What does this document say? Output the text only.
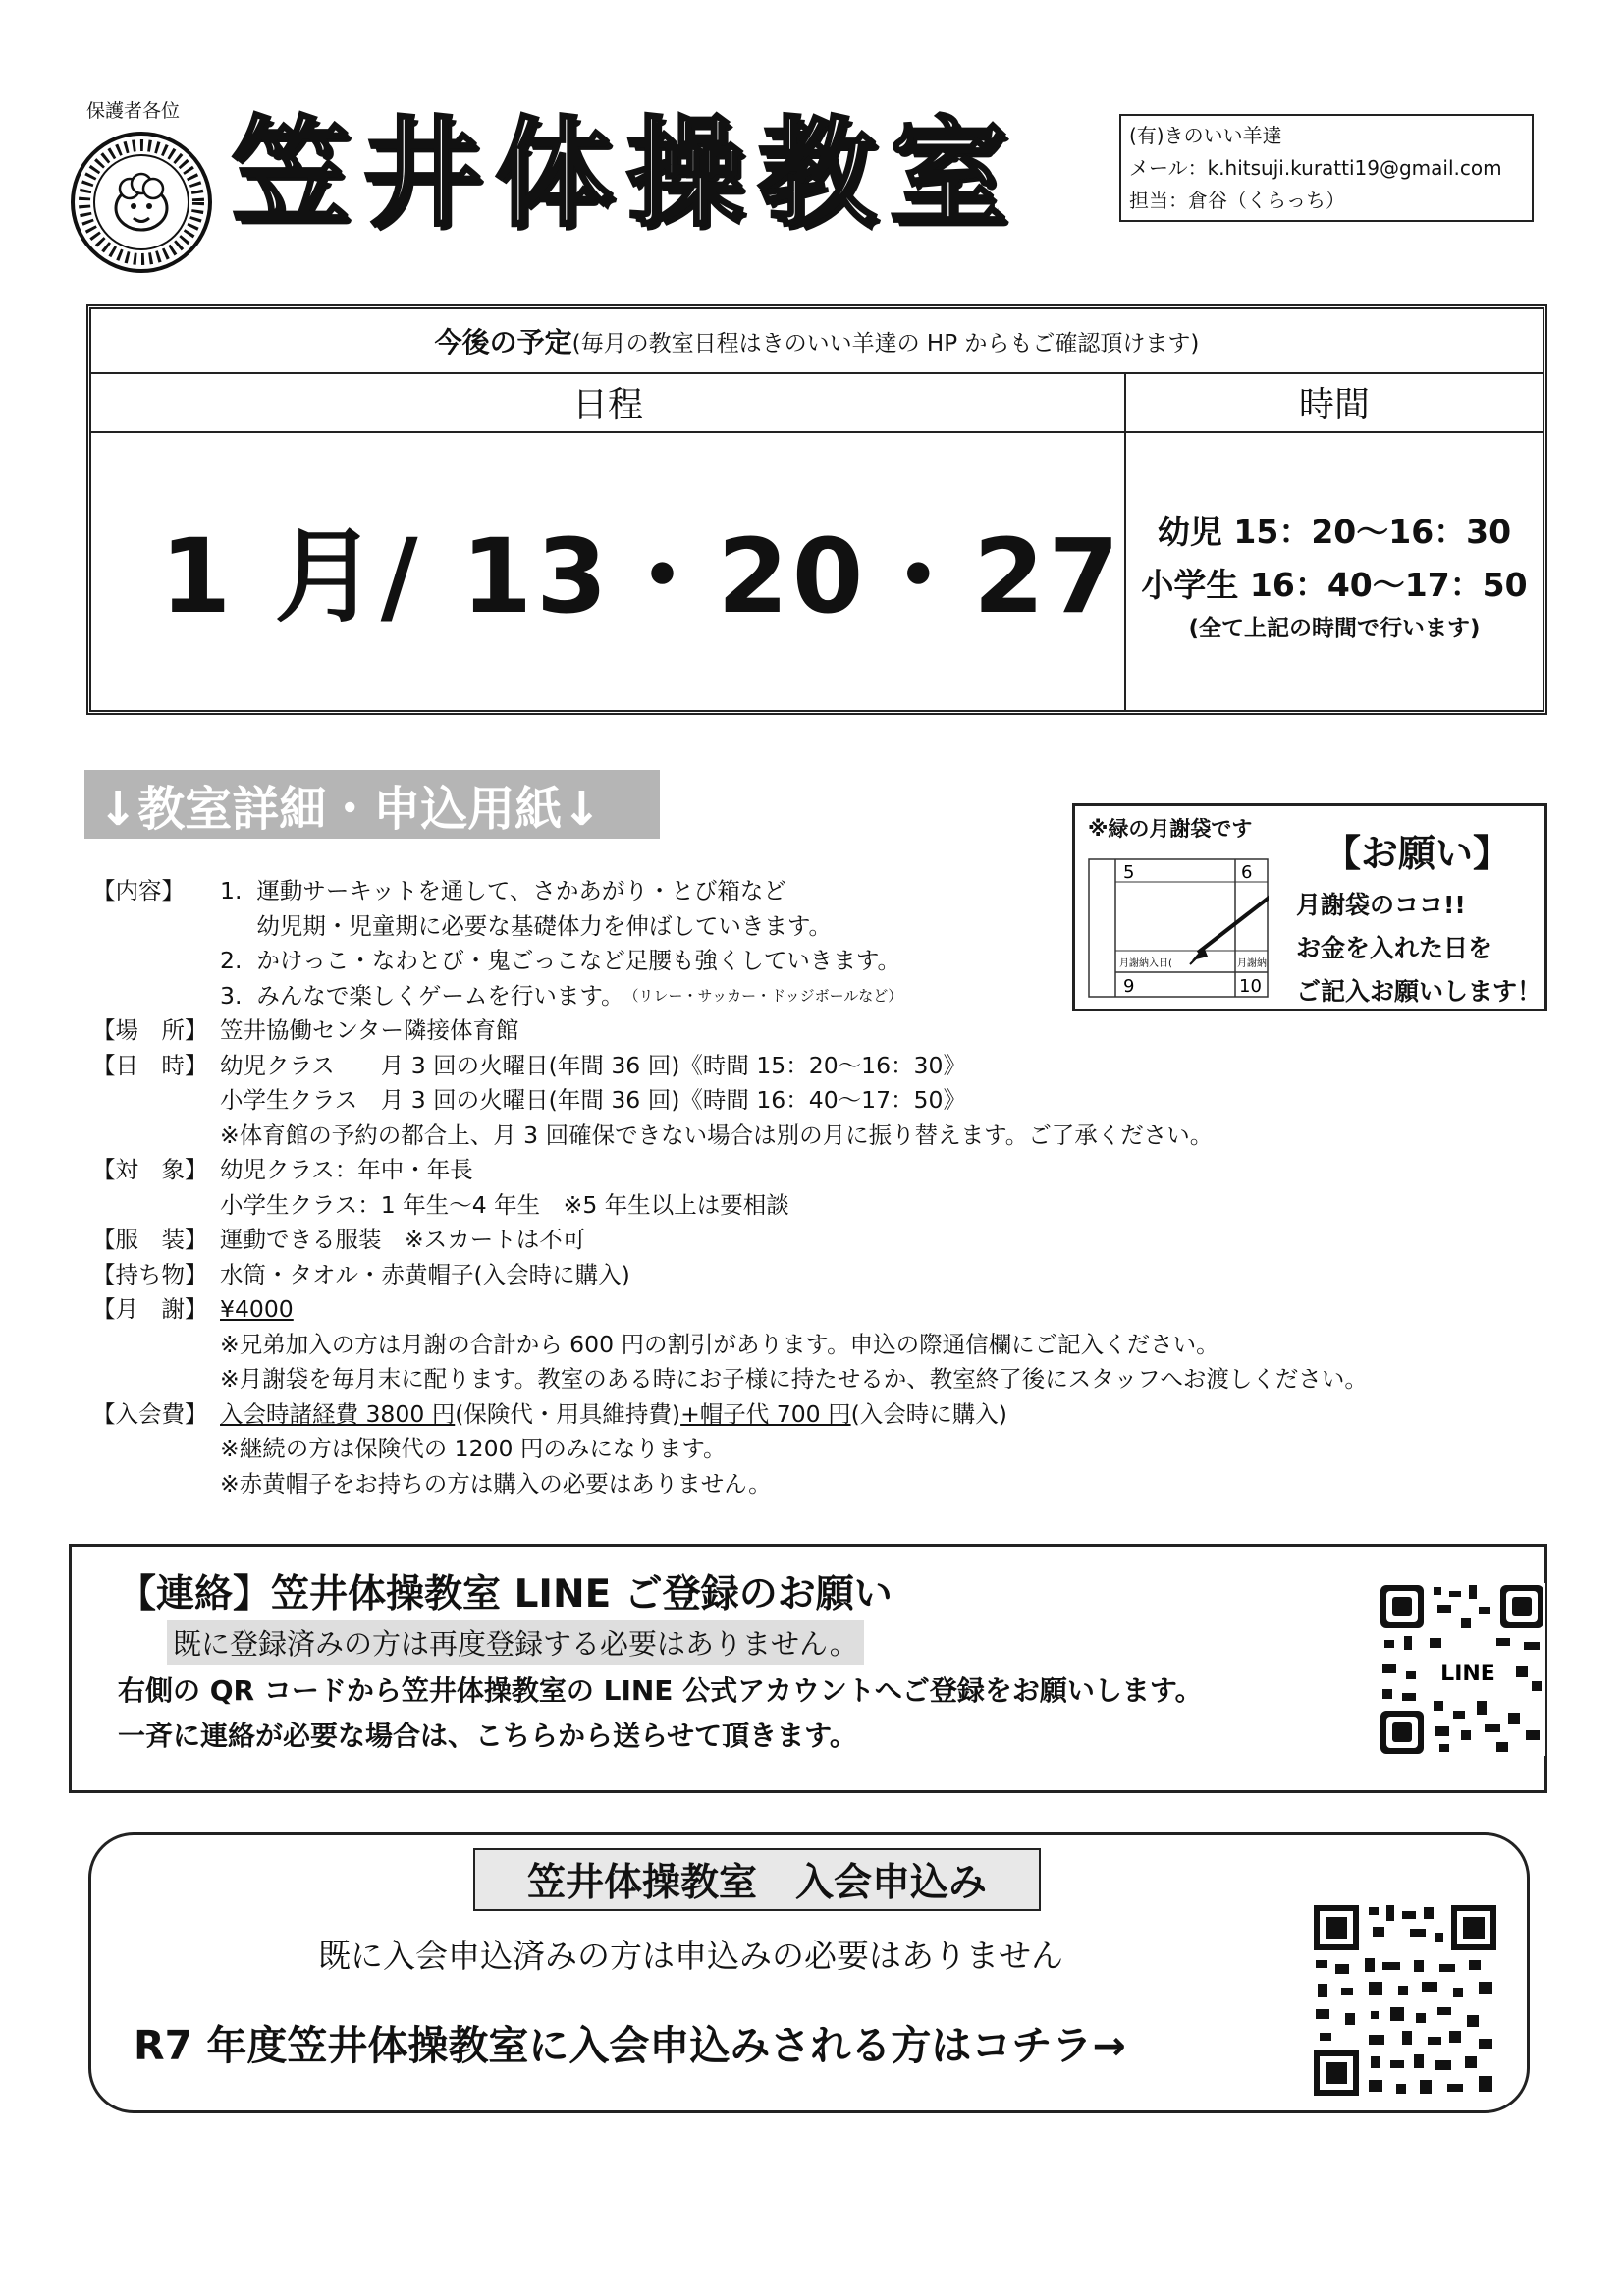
保護者各位 笠井体操教室	(有)きのいい羊達
メール：k.hitsuji.kuratti19@gmail.com
担当：倉谷（くらっち）
今後の予定 (毎月の教室日程はきのいい羊達の HP からもご確認頂けます)
日程	時間
1 月/ 13・20・27	幼児 15：20〜16：30
小学生 16：40〜17：50
(全て上記の時間で行います)
↓教室詳細・申込用紙↓	※緑の月謝袋です
5	6
月謝納入日(	月謝納
9	10
【お願い】
月謝袋のココ!!
お金を入れた日を
ご記入お願いします！
【内容】	1.  運動サーキットを通して、さかあがり・とび箱など
幼児期・児童期に必要な基礎体力を伸ばしていきます。
2.  かけっこ・なわとび・鬼ごっこなど足腰も強くしていきます。
3.  みんなで楽しくゲームを行います。 （リレー・サッカー・ドッジボールなど）
【場　所】 笠井協働センター隣接体育館
【日　時】 幼児クラス　　月 3 回の火曜日(年間 36 回)《時間 15：20〜16：30》
小学生クラス　月 3 回の火曜日(年間 36 回)《時間 16：40〜17：50》
※体育館の予約の都合上、月 3 回確保できない場合は別の月に振り替えます。ご了承ください。
【対　象】 幼児クラス：年中・年長
小学生クラス：1 年生〜4 年生　※5 年生以上は要相談
【服　装】 運動できる服装　※スカートは不可
【持ち物】 水筒・タオル・赤黄帽子(入会時に購入)
【月　謝】 ¥4000
※兄弟加入の方は月謝の合計から 600 円の割引があります。申込の際通信欄にご記入ください。
※月謝袋を毎月末に配ります。教室のある時にお子様に持たせるか、教室終了後にスタッフへお渡しください。
【入会費】 入会時諸経費 3800 円 (保険代・用具維持費) +帽子代 700 円 (入会時に購入)
※継続の方は保険代の 1200 円のみになります。
※赤黄帽子をお持ちの方は購入の必要はありません。
【連絡】笠井体操教室 LINE ご登録のお願い
既に登録済みの方は再度登録する必要はありません。
右側の QR コードから笠井体操教室の LINE 公式アカウントへご登録をお願いします。
一斉に連絡が必要な場合は、こちらから送らせて頂きます。
LINE
笠井体操教室　入会申込み
既に入会申込済みの方は申込みの必要はありません
R7 年度笠井体操教室に入会申込みされる方はコチラ→
